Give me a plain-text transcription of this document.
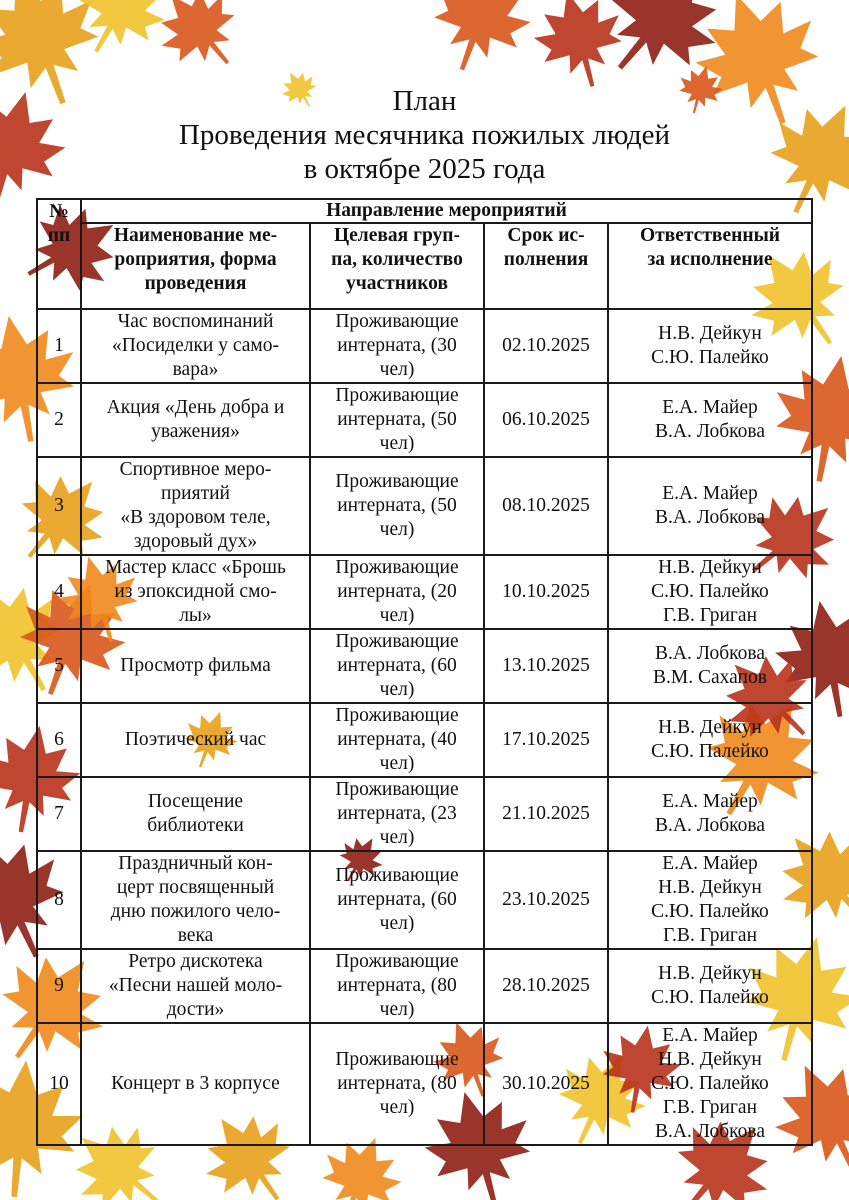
План
Проведения месячника пожилых людей
в октябре 2025 года
№
пп	Направление мероприятий			
	Наименование ме-
роприятия, форма
проведения	Целевая груп-
па, количество
участников	Срок ис-
полнения	Ответственный
за исполнение
1	Час воспоминаний
«Посиделки у само-
вара»	Проживающие
интерната, (30
чел)	02.10.2025	Н.В. Дейкун
С.Ю. Палейко
2	Акция «День добра и
уважения»	Проживающие
интерната, (50
чел)	06.10.2025	Е.А. Майер
В.А. Лобкова
3	Спортивное меро-
приятий
«В здоровом теле,
здоровый дух»	Проживающие
интерната, (50
чел)	08.10.2025	Е.А. Майер
В.А. Лобкова
4	Мастер класс «Брошь
из эпоксидной смо-
лы»	Проживающие
интерната, (20
чел)	10.10.2025	Н.В. Дейкун
С.Ю. Палейко
Г.В. Григан
5	Просмотр фильма	Проживающие
интерната, (60
чел)	13.10.2025	В.А. Лобкова
В.М. Сахапов
6	Поэтический час	Проживающие
интерната, (40
чел)	17.10.2025	Н.В. Дейкун
С.Ю. Палейко
7	Посещение
библиотеки	Проживающие
интерната, (23
чел)	21.10.2025	Е.А. Майер
В.А. Лобкова
8	Праздничный кон-
церт посвященный
дню пожилого чело-
века	Проживающие
интерната, (60
чел)	23.10.2025	Е.А. Майер
Н.В. Дейкун
С.Ю. Палейко
Г.В. Григан
9	Ретро дискотека
«Песни нашей моло-
дости»	Проживающие
интерната, (80
чел)	28.10.2025	Н.В. Дейкун
С.Ю. Палейко
10	Концерт в 3 корпусе	Проживающие
интерната, (80
чел)	30.10.2025	Е.А. Майер
Н.В. Дейкун
С.Ю. Палейко
Г.В. Григан
В.А. Лобкова
